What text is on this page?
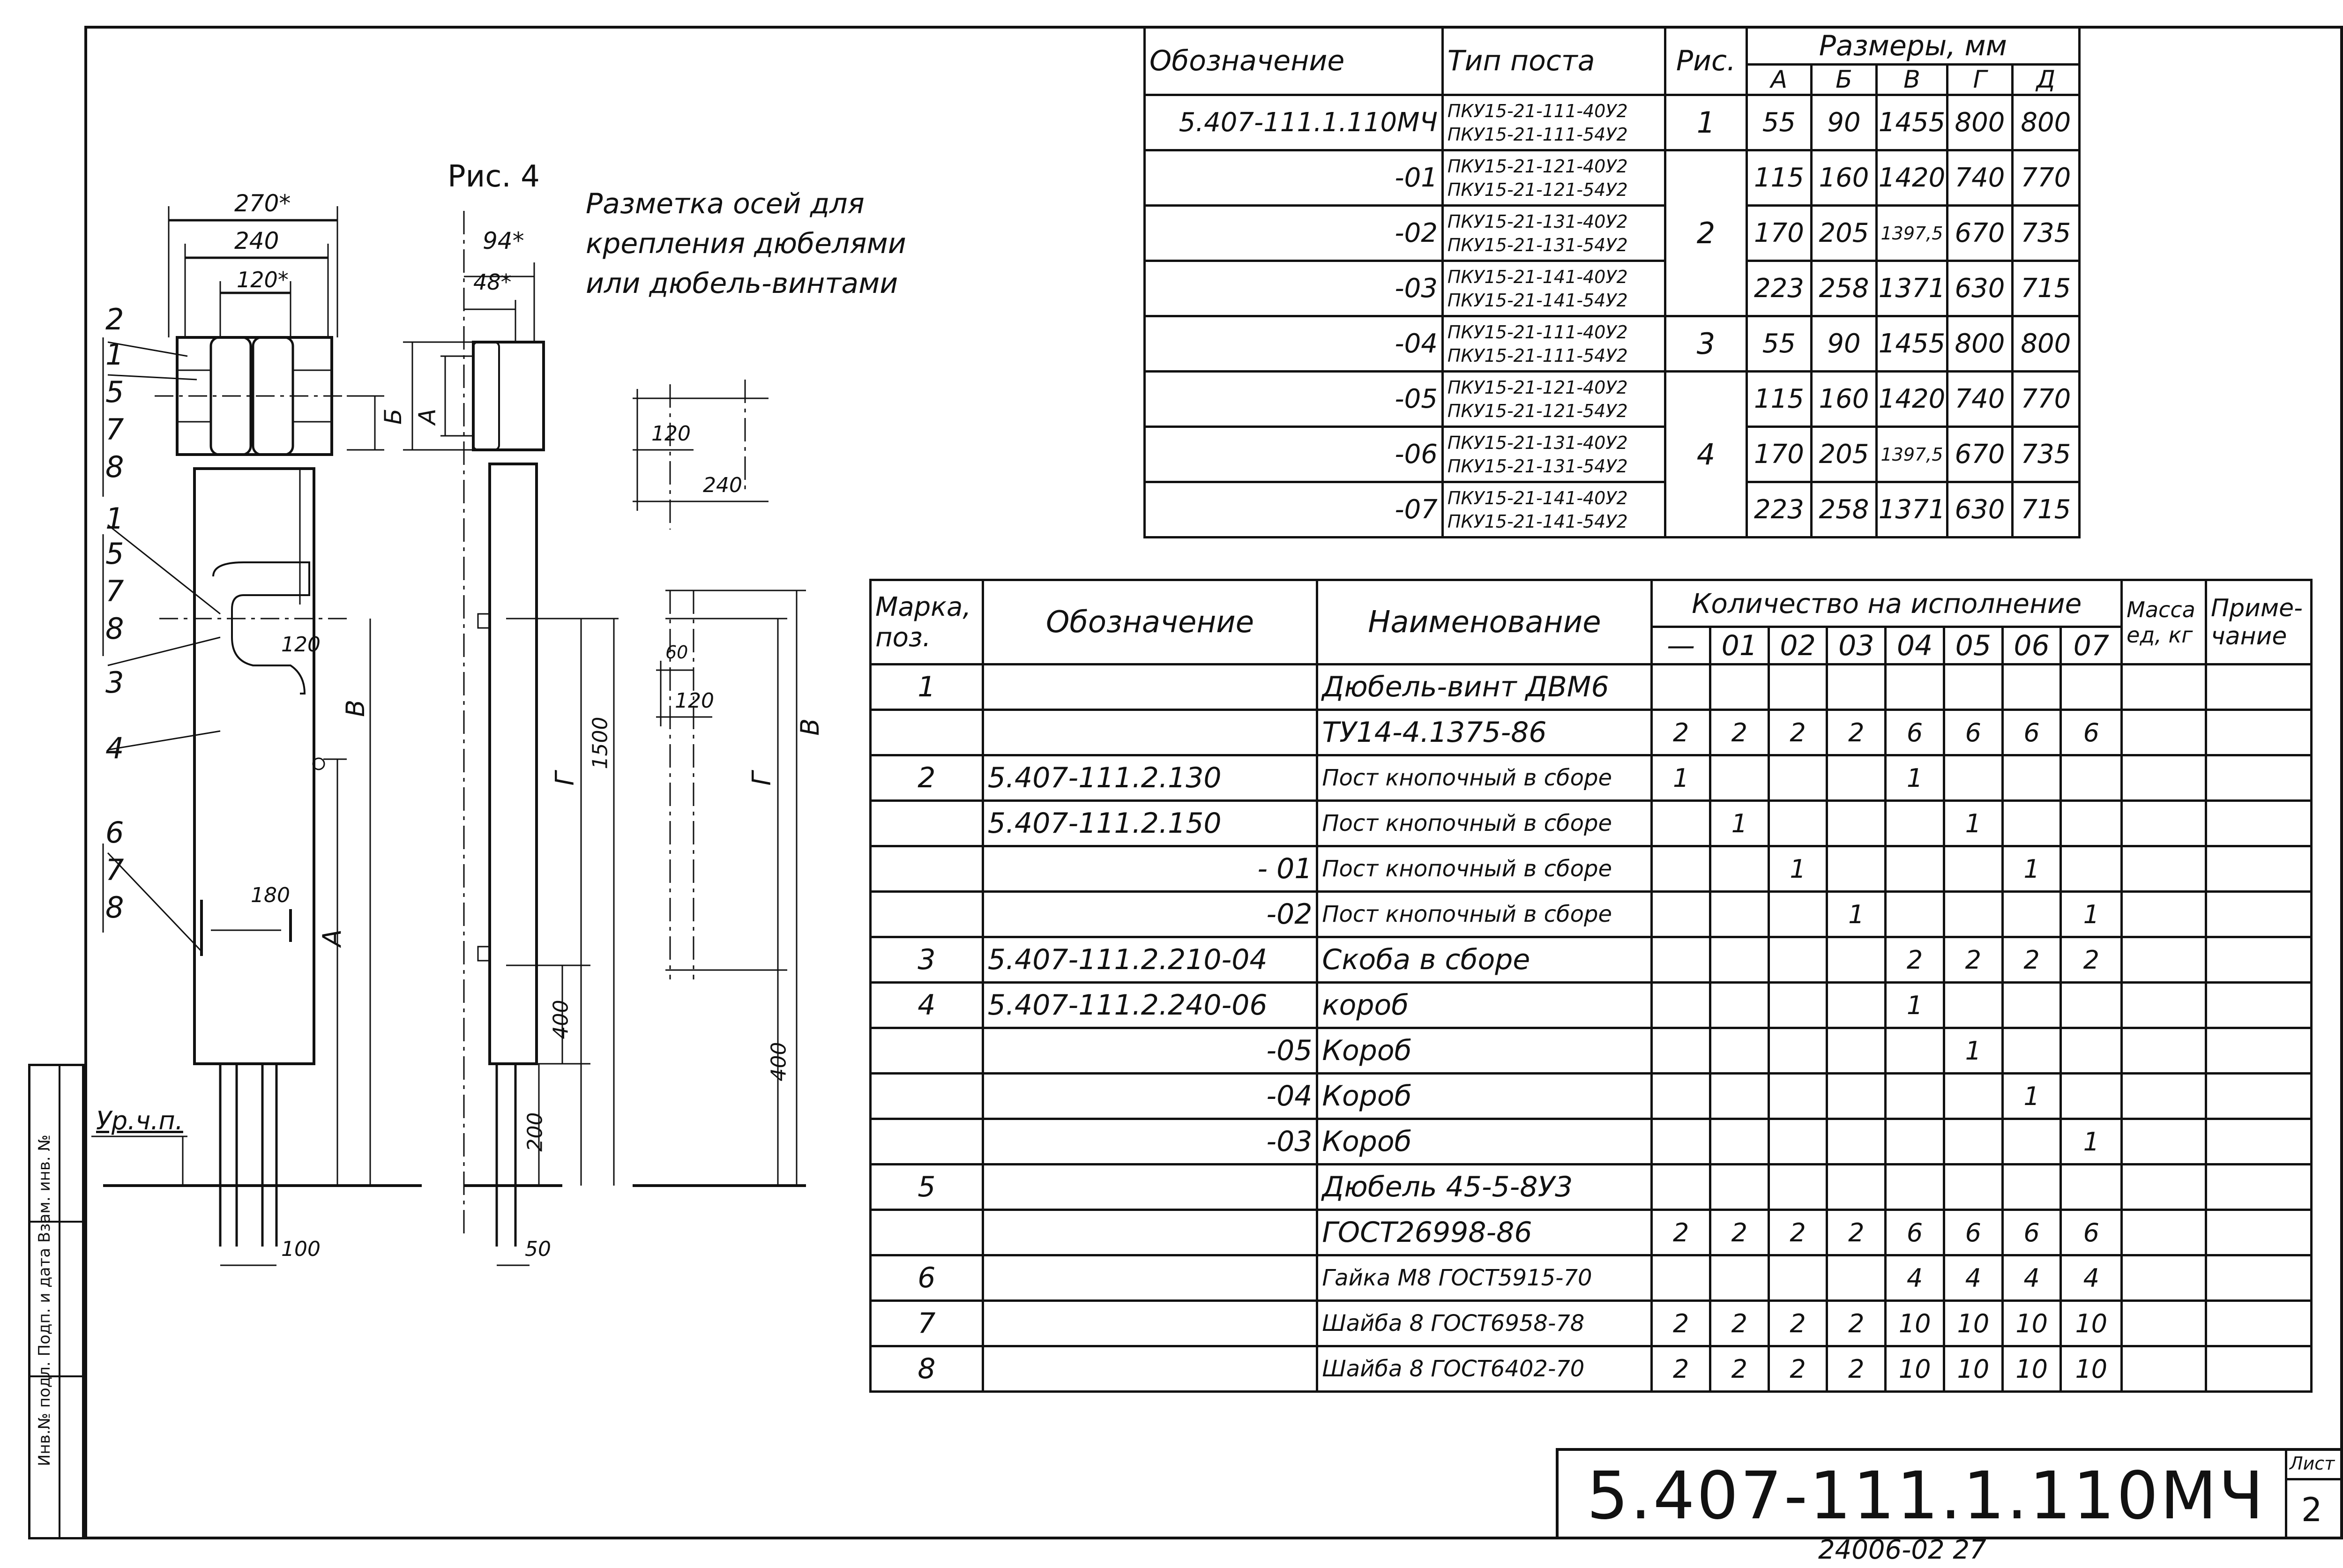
Инв.№ подл. Подп. и дата Взам. инв. №
Рис. 4
Разметка осей для
крепления дюбелями
или дюбель-винтами
270*
240
120*
120
180
100
Б А
В
А
94*
48*
Г
1500
400
200
50
120
240
60
120
Г
В
400
Ур.ч.п.
2
1
5
7
8
1
5
7
8
3
4
6
7
8
Обозначение	Тип поста	Рис.	Размеры, мм				
			А	Б	В	Г	Д
5.407-111.1.110МЧ	ПКУ15-21-111-40У2
ПКУ15-21-111-54У2	1	55	90	1455	800	800
-01	ПКУ15-21-121-40У2
ПКУ15-21-121-54У2	2	115	160	1420	740	770
-02	ПКУ15-21-131-40У2
ПКУ15-21-131-54У2		170	205	1397,5	670	735
-03	ПКУ15-21-141-40У2
ПКУ15-21-141-54У2		223	258	1371	630	715
-04	ПКУ15-21-111-40У2
ПКУ15-21-111-54У2	3	55	90	1455	800	800
-05	ПКУ15-21-121-40У2
ПКУ15-21-121-54У2	4	115	160	1420	740	770
-06	ПКУ15-21-131-40У2
ПКУ15-21-131-54У2		170	205	1397,5	670	735
-07	ПКУ15-21-141-40У2
ПКУ15-21-141-54У2		223	258	1371	630	715
Марка, поз.	Обозначение	Наименование	Количество на исполнение								Масса ед, кг	Приме- чание
			—	01	02	03	04	05	06	07		
1		Дюбель-винт ДВМ6										
		ТУ14-4.1375-86	2	2	2	2	6	6	6	6		
2	5.407-111.2.130	Пост кнопочный в сборе	1				1					
	5.407-111.2.150	Пост кнопочный в сборе		1				1				
	- 01	Пост кнопочный в сборе			1				1			
	-02	Пост кнопочный в сборе				1				1		
3	5.407-111.2.210-04	Скоба в сборе					2	2	2	2		
4	5.407-111.2.240-06	короб					1					
	-05	Короб						1				
	-04	Короб							1			
	-03	Короб								1		
5		Дюбель 45-5-8У3										
		ГОСТ26998-86	2	2	2	2	6	6	6	6		
6		Гайка М8 ГОСТ5915-70					4	4	4	4		
7		Шайба 8 ГОСТ6958-78	2	2	2	2	10	10	10	10		
8		Шайба 8 ГОСТ6402-70	2	2	2	2	10	10	10	10		
5.407-111.1.110МЧ Лист
2
24006-02 27
